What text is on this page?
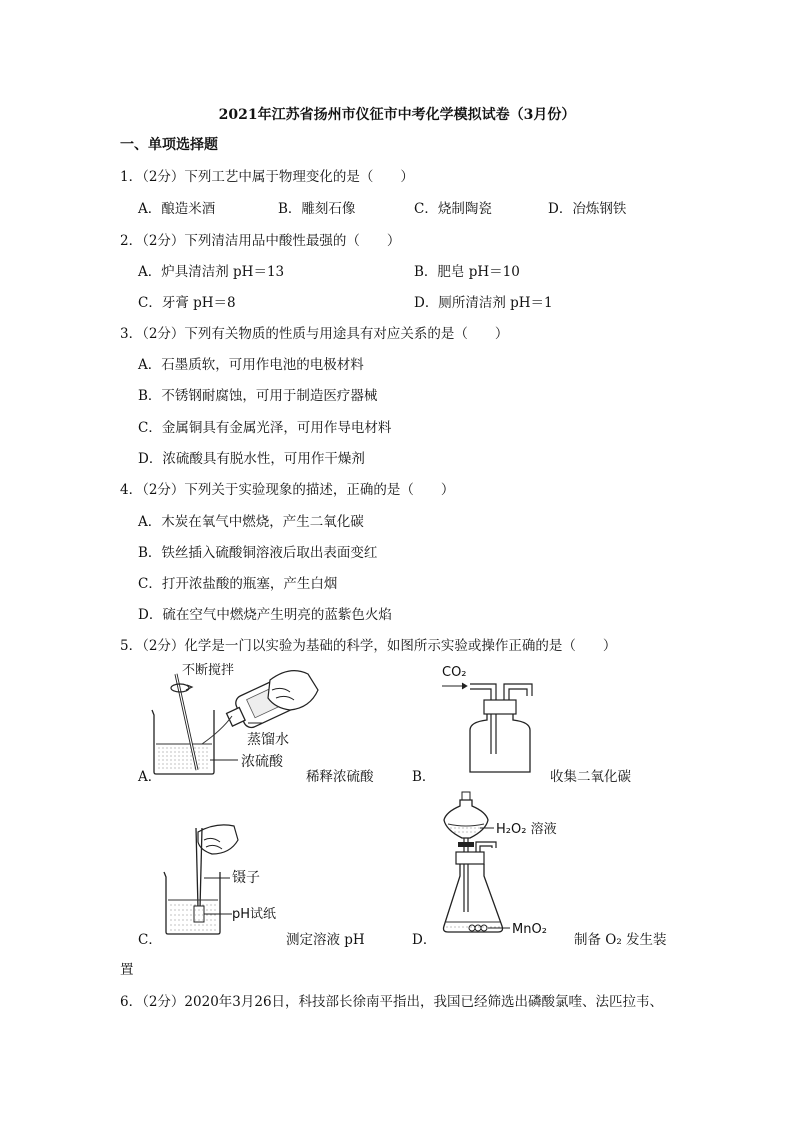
2021年江苏省扬州市仪征市中考化学模拟试卷（3月份）
一、单项选择题
1．（2分）下列工艺中属于物理变化的是（　　）
A．酿造米酒	B．雕刻石像	C．烧制陶瓷	D．冶炼钢铁
2．（2分）下列清洁用品中酸性最强的（　　）
A．炉具清洁剂 pH＝13	B．肥皂 pH＝10
C．牙膏 pH＝8	D．厕所清洁剂 pH＝1
3．（2分）下列有关物质的性质与用途具有对应关系的是（　　）
A．石墨质软，可用作电池的电极材料
B．不锈钢耐腐蚀，可用于制造医疗器械
C．金属铜具有金属光泽，可用作导电材料
D．浓硫酸具有脱水性，可用作干燥剂
4．（2分）下列关于实验现象的描述，正确的是（　　）
A．木炭在氧气中燃烧，产生二氧化碳
B．铁丝插入硫酸铜溶液后取出表面变红
C．打开浓盐酸的瓶塞，产生白烟
D．硫在空气中燃烧产生明亮的蓝紫色火焰
5．（2分）化学是一门以实验为基础的科学，如图所示实验或操作正确的是（　　）
不断搅拌
蒸馏水
浓硫酸
A．	稀释浓硫酸
CO₂
B．	收集二氧化碳
镊子
pH试纸
C．	测定溶液 pH
H₂O₂ 溶液
MnO₂
D．	制备 O₂ 发生装
置
6．（2分）2020年3月26日，科技部长徐南平指出，我国已经筛选出磷酸氯喹、法匹拉韦、
